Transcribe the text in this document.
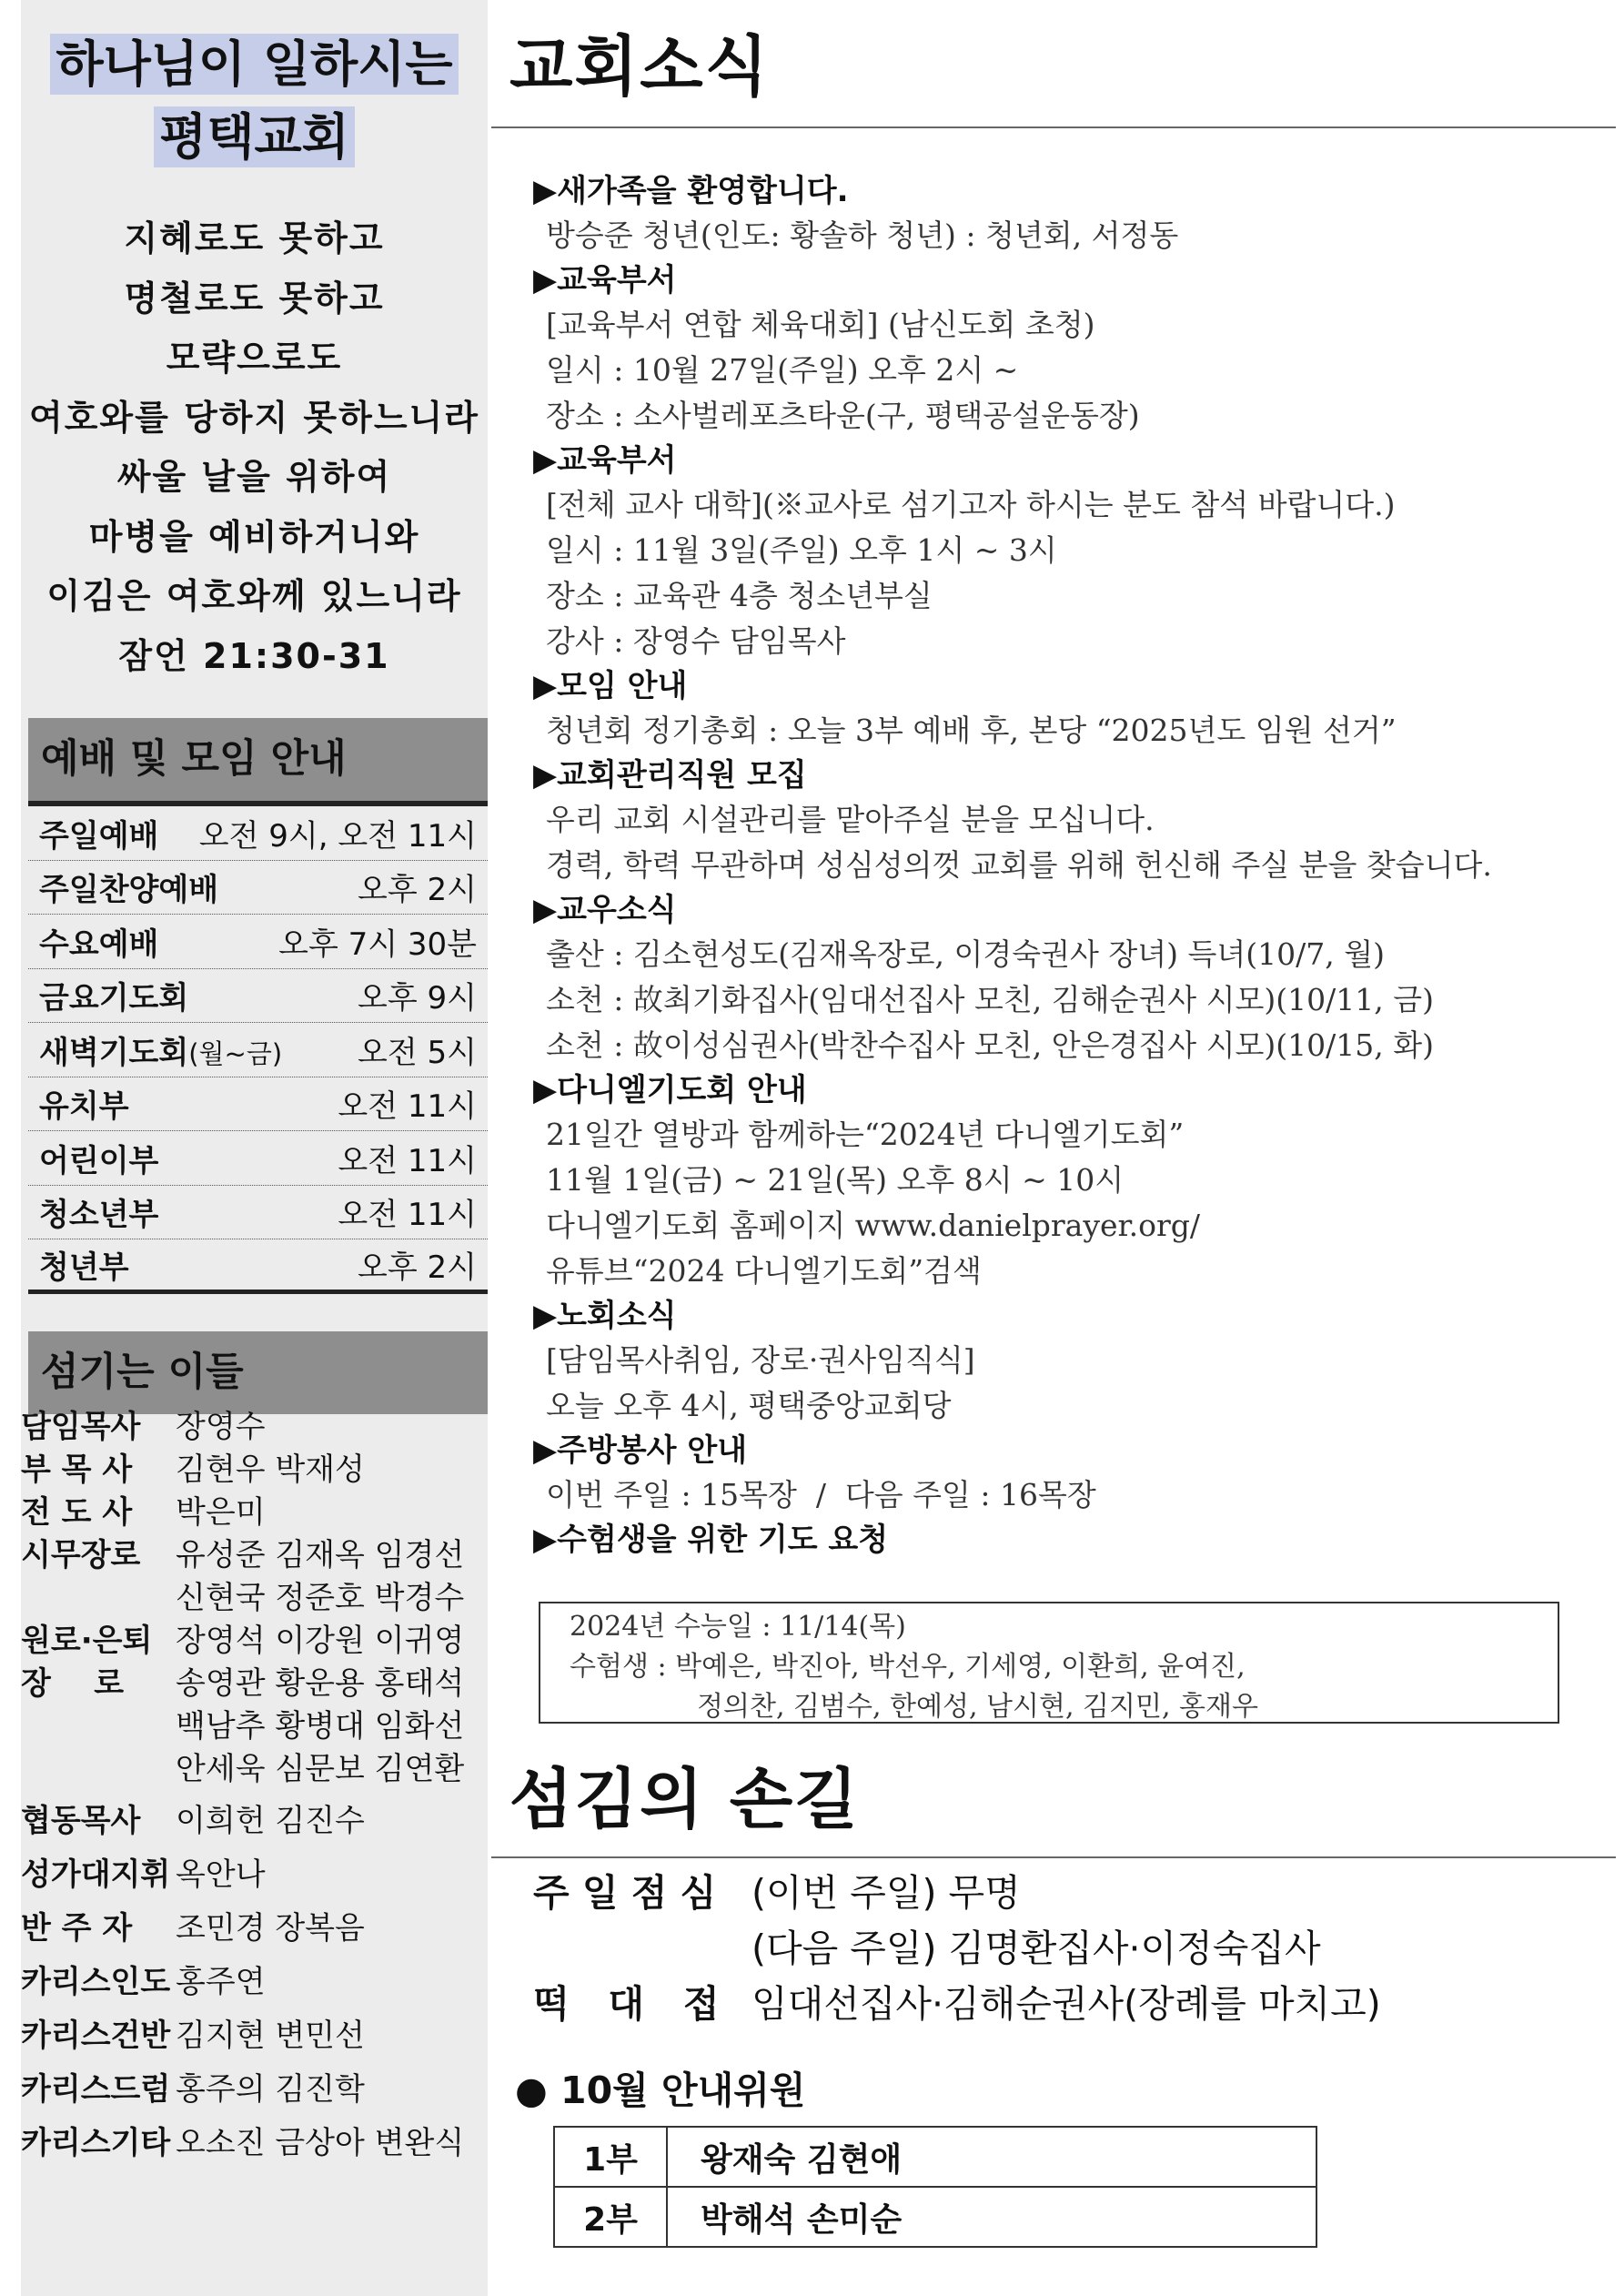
하나님이 일하시는
평택교회
지혜로도 못하고
명철로도 못하고
모략으로도
여호와를 당하지 못하느니라
싸울 날을 위하여
마병을 예비하거니와
이김은 여호와께 있느니라
잠언 21:30-31
예배 및 모임 안내
주일예배 오전 9시, 오전 11시
주일찬양예배	오후 2시
수요예배	오후 7시 30분
금요기도회	오후 9시
새벽기도회(월~금) 오전 5시
유치부	오전 11시
어린이부	오전 11시
청소년부	오전 11시
청년부	오후 2시
섬기는 이들
담임목사	장영수
부 목 사	김현우 박재성
전 도 사	박은미
시무장로	유성준 김재옥 임경선
신현국 정준호 박경수
원로·은퇴 장영석 이강원 이귀영
장    로	송영관 황운용 홍태석
백남추 황병대 임화선
안세욱 심문보 김연환
협동목사	이희헌 김진수
성가대지휘 옥안나
반 주 자	조민경 장복음
카리스인도 홍주연
카리스건반 김지현 변민선
카리스드럼 홍주의 김진학
카리스기타 오소진 금상아 변완식
교회소식
▶새가족을 환영합니다.
방승준 청년(인도: 황솔하 청년) : 청년회, 서정동
▶교육부서
[교육부서 연합 체육대회] (남신도회 초청)
일시 : 10월 27일(주일) 오후 2시 ~
장소 : 소사벌레포츠타운(구, 평택공설운동장)
▶교육부서
[전체 교사 대학](※교사로 섬기고자 하시는 분도 참석 바랍니다.)
일시 : 11월 3일(주일) 오후 1시 ~ 3시
장소 : 교육관 4층 청소년부실
강사 : 장영수 담임목사
▶모임 안내
청년회 정기총회 : 오늘 3부 예배 후, 본당 “2025년도 임원 선거”
▶교회관리직원 모집
우리 교회 시설관리를 맡아주실 분을 모십니다.
경력, 학력 무관하며 성심성의껏 교회를 위해 헌신해 주실 분을 찾습니다.
▶교우소식
출산 : 김소현성도(김재옥장로, 이경숙권사 장녀) 득녀(10/7, 월)
소천 : 故최기화집사(임대선집사 모친, 김해순권사 시모)(10/11, 금)
소천 : 故이성심권사(박찬수집사 모친, 안은경집사 시모)(10/15, 화)
▶다니엘기도회 안내
21일간 열방과 함께하는“2024년 다니엘기도회”
11월 1일(금) ~ 21일(목) 오후 8시 ~ 10시
다니엘기도회 홈페이지 www.danielprayer.org/
유튜브“2024 다니엘기도회”검색
▶노회소식
[담임목사취임, 장로·권사임직식]
오늘 오후 4시, 평택중앙교회당
▶주방봉사 안내
이번 주일 : 15목장  /  다음 주일 : 16목장
▶수험생을 위한 기도 요청
2024년 수능일 : 11/14(목)
수험생 : 박예은, 박진아, 박선우, 기세영, 이환희, 윤여진,
정의찬, 김범수, 한예성, 남시현, 김지민, 홍재우
섬김의 손길
주 일 점 심 (이번 주일) 무명
(다음 주일) 김명환집사·이정숙집사
떡   대   접 임대선집사·김해순권사(장례를 마치고)
● 10월 안내위원
1부	왕재숙 김현애
2부	박해석 손미순
